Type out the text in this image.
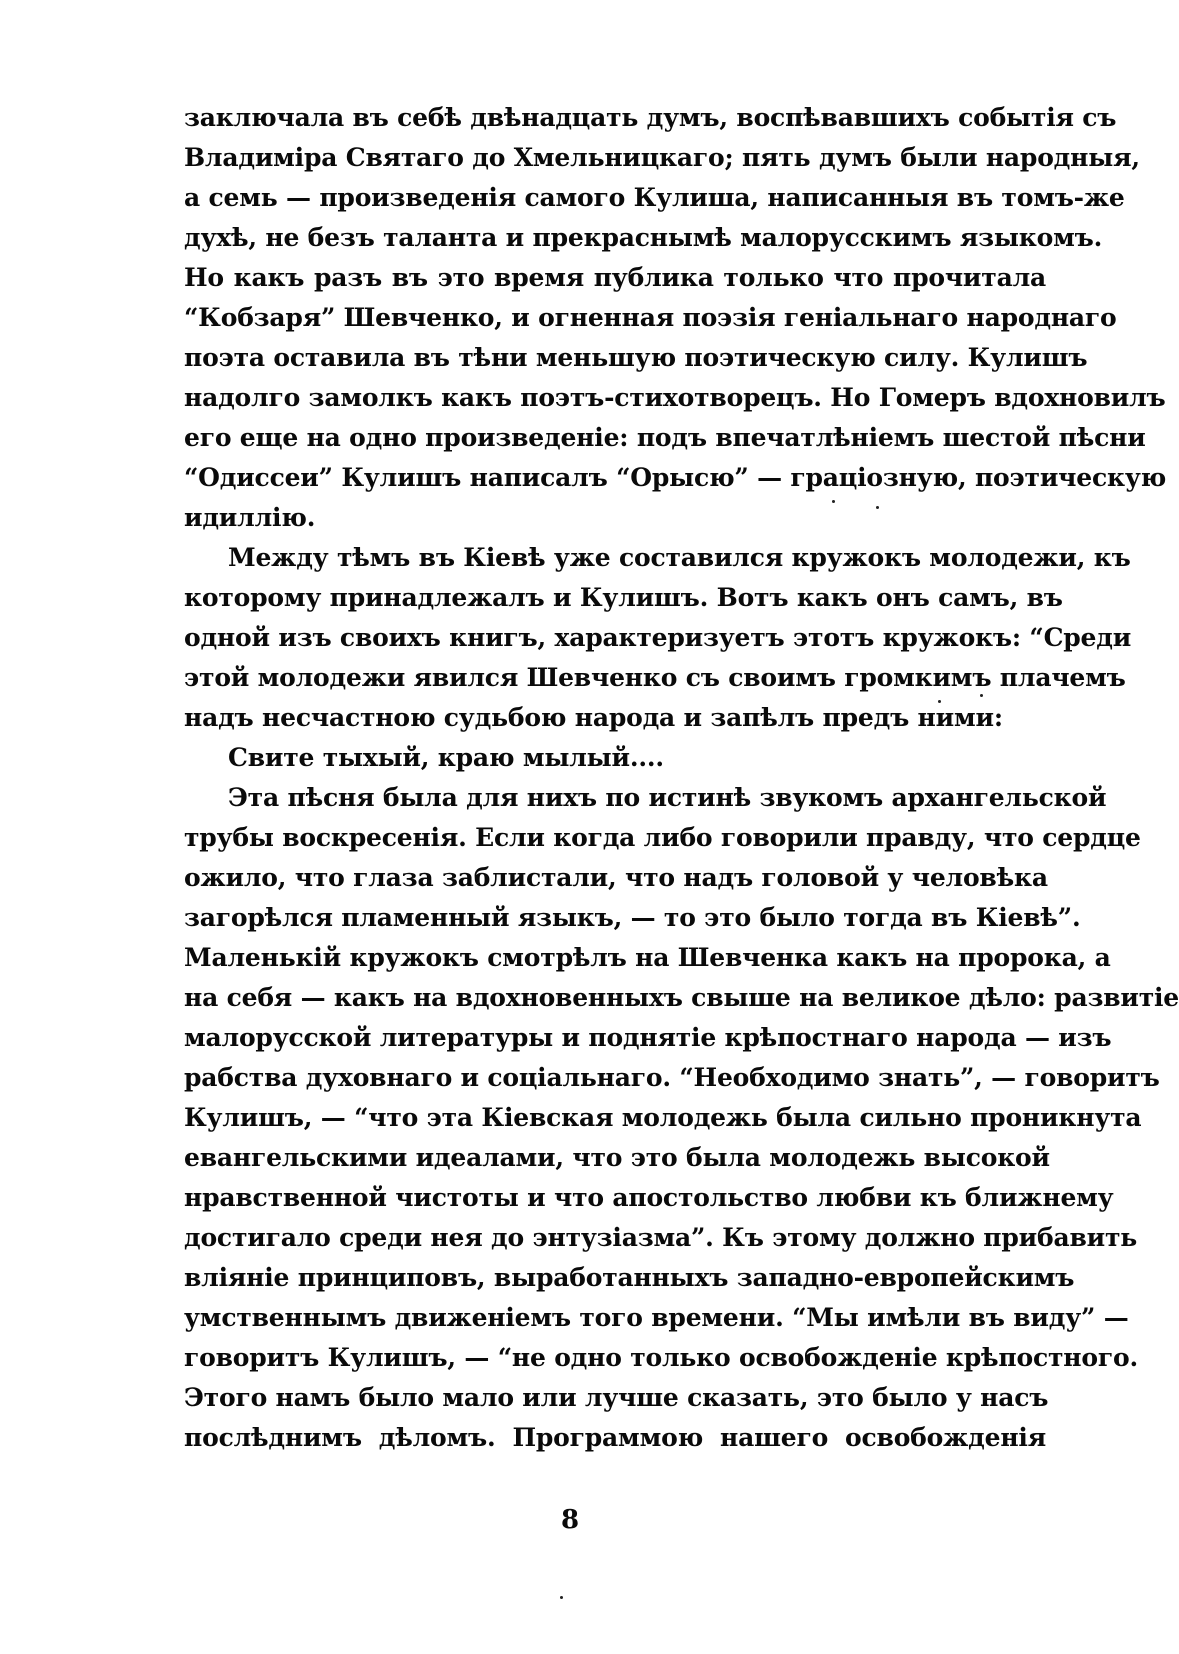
заключала въ себѣ двѣнадцать думъ, воспѣвавшихъ событія съ
Владиміра Святаго до Хмельницкаго; пять думъ были народныя,
а семь — произведенія самого Кулиша, написанныя въ томъ-же
духѣ, не безъ таланта и прекраснымѣ малорусскимъ языкомъ.
Но какъ разъ въ это время публика только что прочитала
“Кобзаря” Шевченко, и огненная поэзія геніальнаго народнаго
поэта оставила въ тѣни меньшую поэтическую силу. Кулишъ
надолго замолкъ какъ поэтъ-стихотворецъ. Но Гомеръ вдохновилъ
его еще на одно произведеніе: подъ впечатлѣніемъ шестой пѣсни
“Одиссеи” Кулишъ написалъ “Орысю” — граціозную, поэтическую
идиллію.
Между тѣмъ въ Кіевѣ уже составился кружокъ молодежи, къ
которому принадлежалъ и Кулишъ. Вотъ какъ онъ самъ, въ
одной изъ своихъ книгъ, характеризуетъ этотъ кружокъ: “Среди
этой молодежи явился Шевченко съ своимъ громкимъ плачемъ
надъ несчастною судьбою народа и запѣлъ предъ ними:
Свите тыхый, краю мылый....
Эта пѣсня была для нихъ по истинѣ звукомъ архангельской
трубы воскресенія. Если когда либо говорили правду, что сердце
ожило, что глаза заблистали, что надъ головой у человѣка
загорѣлся пламенный языкъ, — то это было тогда въ Кіевѣ”.
Маленькій кружокъ смотрѣлъ на Шевченка какъ на пророка, а
на себя — какъ на вдохновенныхъ свыше на великое дѣло: развитіе
малорусской литературы и поднятіе крѣпостнаго народа — изъ
рабства духовнаго и соціальнаго. “Необходимо знать”, — говоритъ
Кулишъ, — “что эта Кіевская молодежь была сильно проникнута
евангельскими идеалами, что это была молодежь высокой
нравственной чистоты и что апостольство любви къ ближнему
достигало среди нея до энтузіазма”. Къ этому должно прибавить
вліяніе принциповъ, выработанныхъ западно-европейскимъ
умственнымъ движеніемъ того времени. “Мы имѣли въ виду” —
говоритъ Кулишъ, — “не одно только освобожденіе крѣпостного.
Этого намъ было мало или лучше сказать, это было у насъ
послѣднимъ дѣломъ. Программою нашего освобожденія
8
